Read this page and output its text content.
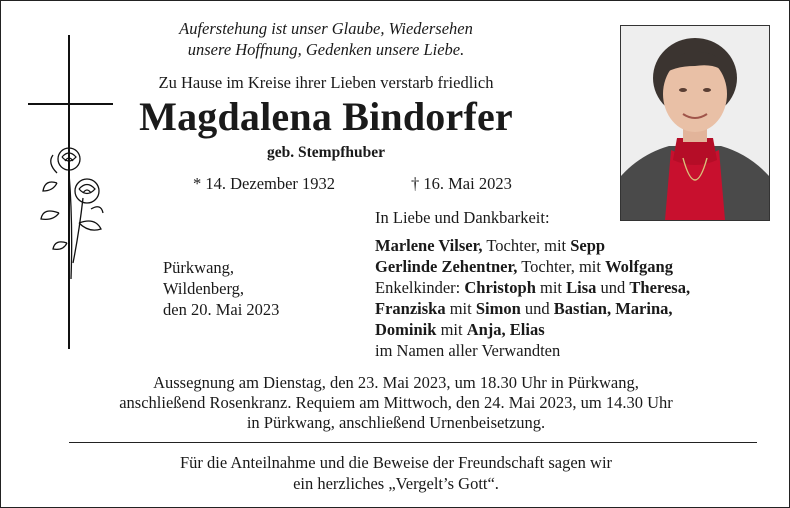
Auferstehung ist unser Glaube, Wiedersehen
unsere Hoffnung, Gedenken unsere Liebe.
Zu Hause im Kreise ihrer Lieben verstarb friedlich
Magdalena Bindorfer
geb. Stempfhuber
* 14. Dezember 1932	† 16. Mai 2023
In Liebe und Dankbarkeit:
Pürkwang,
Wildenberg,
den 20. Mai 2023
Marlene Vilser, Tochter, mit Sepp
Gerlinde Zehentner, Tochter, mit Wolfgang
Enkelkinder: Christoph mit Lisa und Theresa,
Franziska mit Simon und Bastian, Marina,
Dominik mit Anja, Elias
im Namen aller Verwandten
Aussegnung am Dienstag, den 23. Mai 2023, um 18.30 Uhr in Pürkwang,
anschließend Rosenkranz. Requiem am Mittwoch, den 24. Mai 2023, um 14.30 Uhr
in Pürkwang, anschließend Urnenbeisetzung.
Für die Anteilnahme und die Beweise der Freundschaft sagen wir
ein herzliches „Vergelt’s Gott“.
